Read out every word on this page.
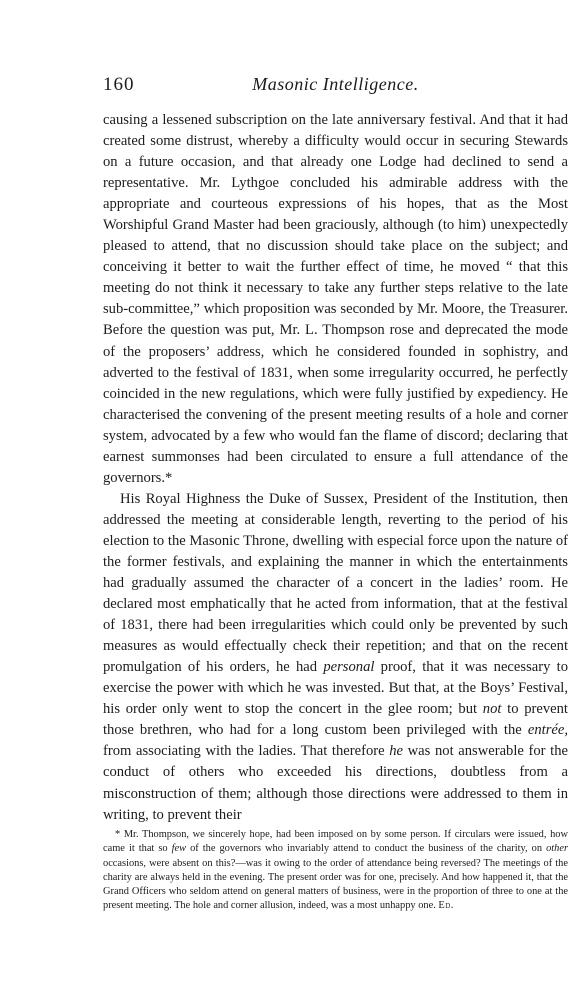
160	Masonic Intelligence.

causing a lessened subscription on the late anniversary festival. And that it had created some distrust, whereby a difficulty would occur in securing Stewards on a future occasion, and that already one Lodge had declined to send a representative. Mr. Lythgoe concluded his admirable address with the appropriate and courteous expressions of his hopes, that as the Most Worshipful Grand Master had been graciously, although (to him) unexpectedly pleased to attend, that no discussion should take place on the subject; and conceiving it better to wait the further effect of time, he moved “ that this meeting do not think it necessary to take any further steps relative to the late sub-committee,” which proposition was seconded by Mr. Moore, the Treasurer. Before the question was put, Mr. L. Thompson rose and deprecated the mode of the proposers’ address, which he considered founded in sophistry, and adverted to the festival of 1831, when some irregularity occurred, he perfectly coincided in the new regulations, which were fully justified by expediency. He characterised the convening of the present meeting results of a hole and corner system, advocated by a few who would fan the flame of discord; declaring that earnest summonses had been circulated to ensure a full attendance of the governors.*

His Royal Highness the Duke of Sussex, President of the Institution, then addressed the meeting at considerable length, reverting to the period of his election to the Masonic Throne, dwelling with especial force upon the nature of the former festivals, and explaining the manner in which the entertainments had gradually assumed the character of a concert in the ladies’ room. He declared most emphatically that he acted from information, that at the festival of 1831, there had been irregularities which could only be prevented by such measures as would effectually check their repetition; and that on the recent promulgation of his orders, he had personal proof, that it was necessary to exercise the power with which he was invested. But that, at the Boys’ Festival, his order only went to stop the concert in the glee room; but not to prevent those brethren, who had for a long custom been privileged with the entrée, from associating with the ladies. That therefore he was not answerable for the conduct of others who exceeded his directions, doubtless from a misconstruction of them; although those directions were addressed to them in writing, to prevent their

* Mr. Thompson, we sincerely hope, had been imposed on by some person. If circulars were issued, how came it that so few of the governors who invariably attend to conduct the business of the charity, on other occasions, were absent on this?—was it owing to the order of attendance being reversed? The meetings of the charity are always held in the evening. The present order was for one, precisely. And how happened it, that the Grand Officers who seldom attend on general matters of business, were in the proportion of three to one at the present meeting. The hole and corner allusion, indeed, was a most unhappy one. Ed.
